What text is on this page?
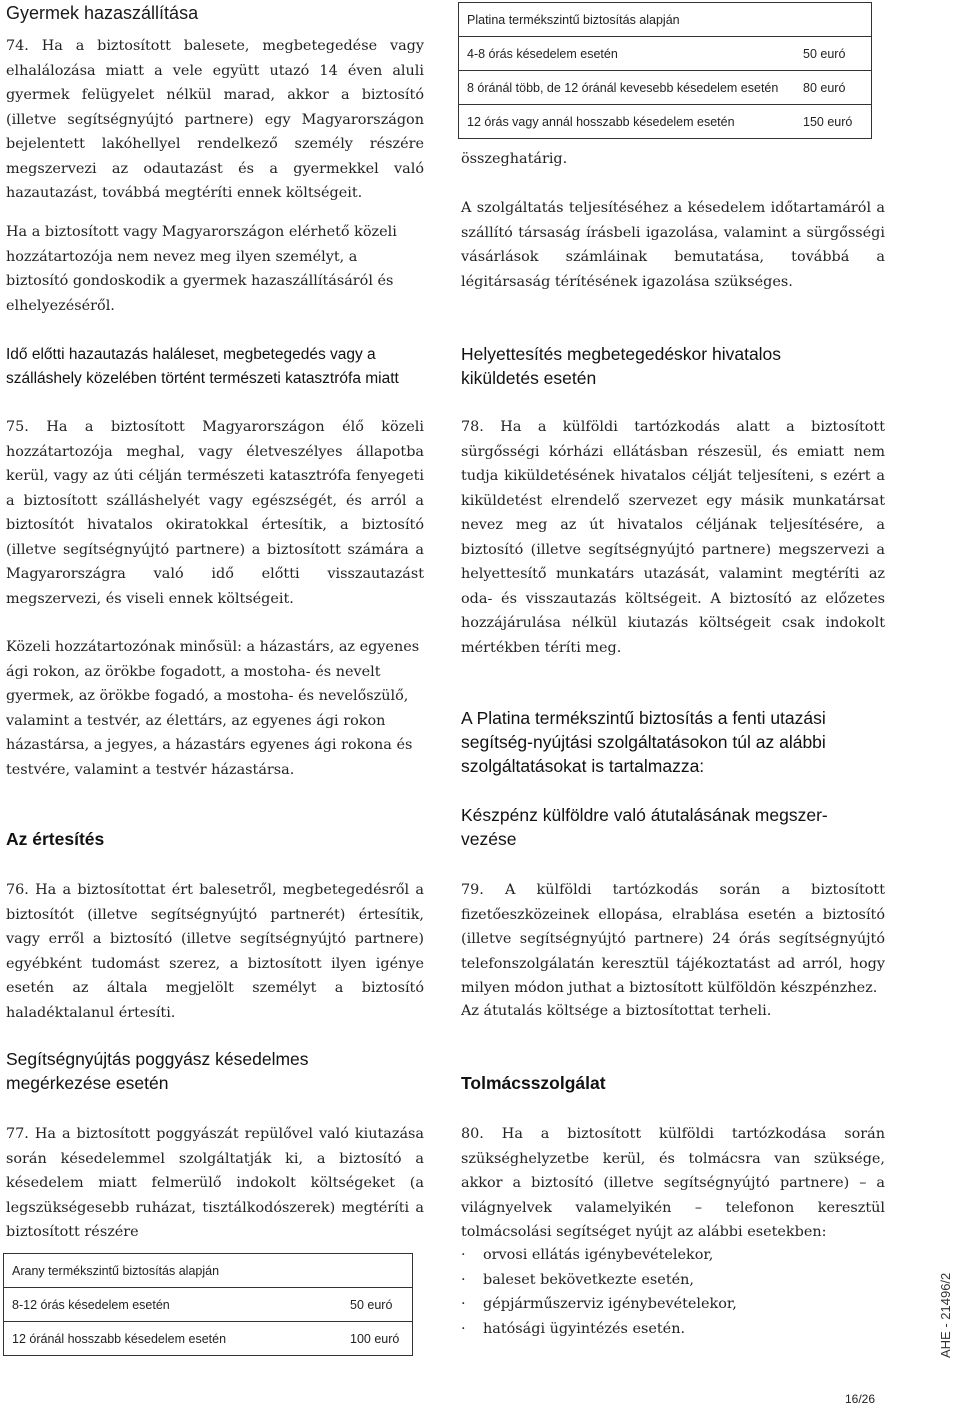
Gyermek hazaszállítása

74. Ha a biztosított balesete, megbetegedése vagy elhalálozása miatt a vele együtt utazó 14 éven aluli gyermek felügyelet nélkül marad, akkor a biztosító (illetve segítségnyújtó partnere) egy Magyarországon bejelentett lakóhellyel rendelkező személy részére megszervezi az odautazást és a gyermekkel való hazautazást, továbbá megtéríti ennek költségeit.

Ha a biztosított vagy Magyarországon elérhető közeli hozzátartozója nem nevez meg ilyen személyt, a biztosító gondoskodik a gyermek hazaszállításáról és elhelyezéséről.

Idő előtti hazautazás haláleset, megbetegedés vagy a
szálláshely közelében történt természeti katasztrófa miatt

75. Ha a biztosított Magyarországon élő közeli hozzátartozója meghal, vagy életveszélyes állapotba kerül, vagy az úti célján természeti katasztrófa fenyegeti a biztosított szálláshelyét vagy egészségét, és arról a biztosítót hivatalos okiratokkal értesítik, a biztosító (illetve segítségnyújtó partnere) a biztosított számára a Magyarországra való idő előtti visszautazást megszervezi, és viseli ennek költségeit.

Közeli hozzátartozónak minősül: a házastárs, az egyenes ági rokon, az örökbe fogadott, a mostoha- és nevelt gyermek, az örökbe fogadó, a mostoha- és nevelőszülő, valamint a testvér, az élettárs, az egyenes ági rokon házastársa, a jegyes, a házastárs egyenes ági rokona és testvére, valamint a testvér házastársa.

Az értesítés

76. Ha a biztosítottat ért balesetről, megbetegedésről a biztosítót (illetve segítségnyújtó partnerét) értesítik, vagy erről a biztosító (illetve segítségnyújtó partnere) egyébként tudomást szerez, a biztosított ilyen igénye esetén az általa megjelölt személyt a biztosító haladéktalanul értesíti.

Segítségnyújtás poggyász késedelmes
megérkezése esetén

77. Ha a biztosított poggyászát repülővel való kiutazása során késedelemmel szolgáltatják ki, a biztosító a késedelem miatt felmerülő indokolt költségeket (a legszükségesebb ruházat, tisztálkodószerek) megtéríti a biztosított részére

Arany termékszintű biztosítás alapján	
8-12 órás késedelem esetén	50 euró
12 óránál hosszabb késedelem esetén	100 euró
Platina termékszintű biztosítás alapján	
4-8 órás késedelem esetén	50 euró
8 óránál több, de 12 óránál kevesebb késedelem esetén	80 euró
12 órás vagy annál hosszabb késedelem esetén	150 euró

összeghatárig.

A szolgáltatás teljesítéséhez a késedelem időtartamáról a szállító társaság írásbeli igazolása, valamint a sürgősségi vásárlások számláinak bemutatása, továbbá a légitársaság térítésének igazolása szükséges.

Helyettesítés megbetegedéskor hivatalos
kiküldetés esetén

78. Ha a külföldi tartózkodás alatt a biztosított sürgősségi kórházi ellátásban részesül, és emiatt nem tudja kiküldetésének hivatalos célját teljesíteni, s ezért a kiküldetést elrendelő szervezet egy másik munkatársat nevez meg az út hivatalos céljának teljesítésére, a biztosító (illetve segítségnyújtó partnere) megszervezi a helyettesítő munkatárs utazását, valamint megtéríti az oda- és visszautazás költségeit. A biztosító az előzetes hozzájárulása nélkül kiutazás költségeit csak indokolt mértékben téríti meg.

A Platina termékszintű biztosítás a fenti utazási
segítség-nyújtási szolgáltatásokon túl az alábbi
szolgáltatásokat is tartalmazza:
Készpénz külföldre való átutalásának megszer-
vezése

79. A külföldi tartózkodás során a biztosított fizetőeszközeinek ellopása, elrablása esetén a biztosító (illetve segítségnyújtó partnere) 24 órás segítségnyújtó telefonszolgálatán keresztül tájékoztatást ad arról, hogy milyen módon juthat a biztosított külföldön készpénzhez.

Az átutalás költsége a biztosítottat terheli.

Tolmácsszolgálat

80. Ha a biztosított külföldi tartózkodása során szükséghelyzetbe kerül, és tolmácsra van szüksége, akkor a biztosító (illetve segítségnyújtó partnere) – a világnyelvek valamelyikén – telefonon keresztül tolmácsolási segítséget nyújt az alábbi esetekben:

· orvosi ellátás igénybevételekor,
· baleset bekövetkezte esetén,
· gépjárműszerviz igénybevételekor,
· hatósági ügyintézés esetén.	AHE - 21496/2
16/26
